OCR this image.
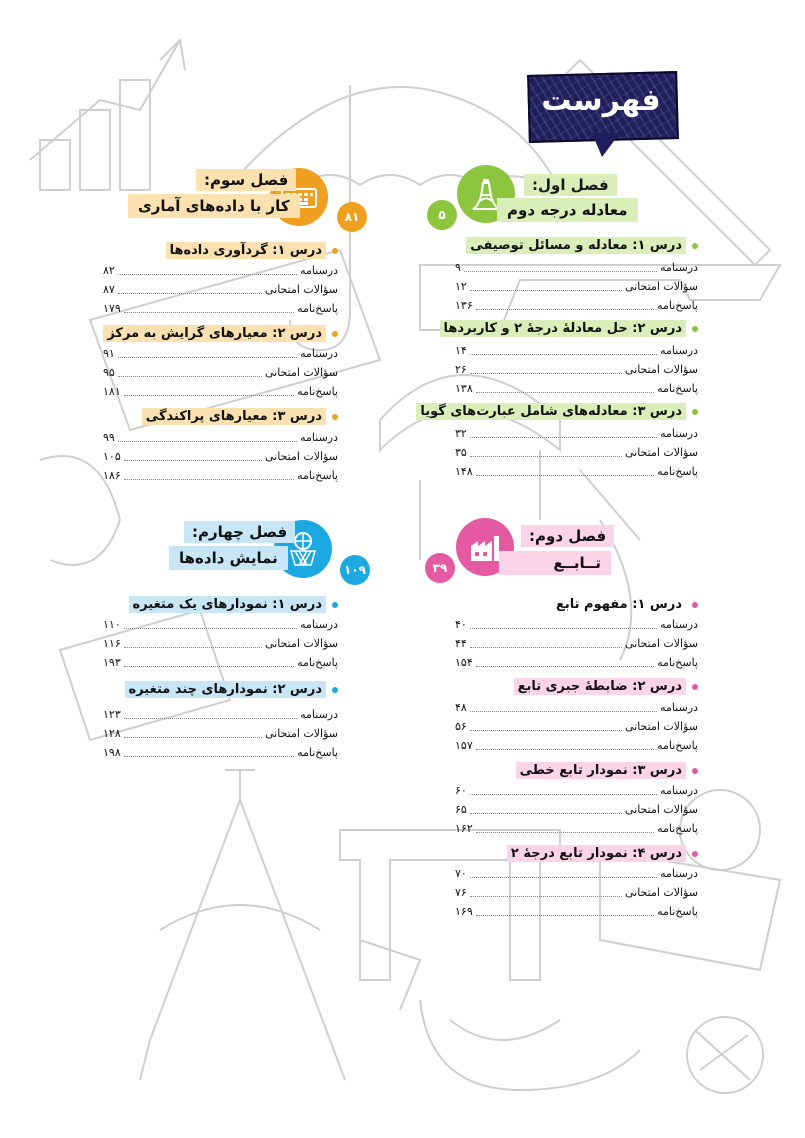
فهرست
فصل اول:
معادله درجه دوم
۵
درس ۱: معادله و مسائل توصیفی
درسنامه
۹
سؤالات امتحانی
۱۲
پاسخ‌نامه
۱۳۶
درس ۲: حل معادلهٔ درجهٔ ۲ و کاربردها
درسنامه
۱۴
سؤالات امتحانی
۲۶
پاسخ‌نامه
۱۳۸
درس ۳: معادله‌های شامل عبارت‌های گویا
درسنامه
۳۲
سؤالات امتحانی
۳۵
پاسخ‌نامه
۱۴۸
فصل دوم:
تــابــع
۳۹
درس ۱: مفهوم تابع
درسنامه
۴۰
سؤالات امتحانی
۴۴
پاسخ‌نامه
۱۵۴
درس ۲: ضابطهٔ جبری تابع
درسنامه
۴۸
سؤالات امتحانی
۵۶
پاسخ‌نامه
۱۵۷
درس ۳: نمودار تابع خطی
درسنامه
۶۰
سؤالات امتحانی
۶۵
پاسخ‌نامه
۱۶۲
درس ۴: نمودار تابع درجهٔ ۲
درسنامه
۷۰
سؤالات امتحانی
۷۶
پاسخ‌نامه
۱۶۹
فصل سوم:
کار با داده‌های آماری
۸۱
درس ۱: گردآوری داده‌ها
درسنامه
۸۲
سؤالات امتحانی
۸۷
پاسخ‌نامه
۱۷۹
درس ۲: معیارهای گرایش به مرکز
درسنامه
۹۱
سؤالات امتحانی
۹۵
پاسخ‌نامه
۱۸۱
درس ۳: معیارهای پراکندگی
درسنامه
۹۹
سؤالات امتحانی
۱۰۵
پاسخ‌نامه
۱۸۶
فصل چهارم:
نمایش داده‌ها
۱۰۹
درس ۱: نمودارهای یک متغیره
درسنامه
۱۱۰
سؤالات امتحانی
۱۱۶
پاسخ‌نامه
۱۹۳
درس ۲: نمودارهای چند متغیره
درسنامه
۱۲۳
سؤالات امتحانی
۱۲۸
پاسخ‌نامه
۱۹۸
